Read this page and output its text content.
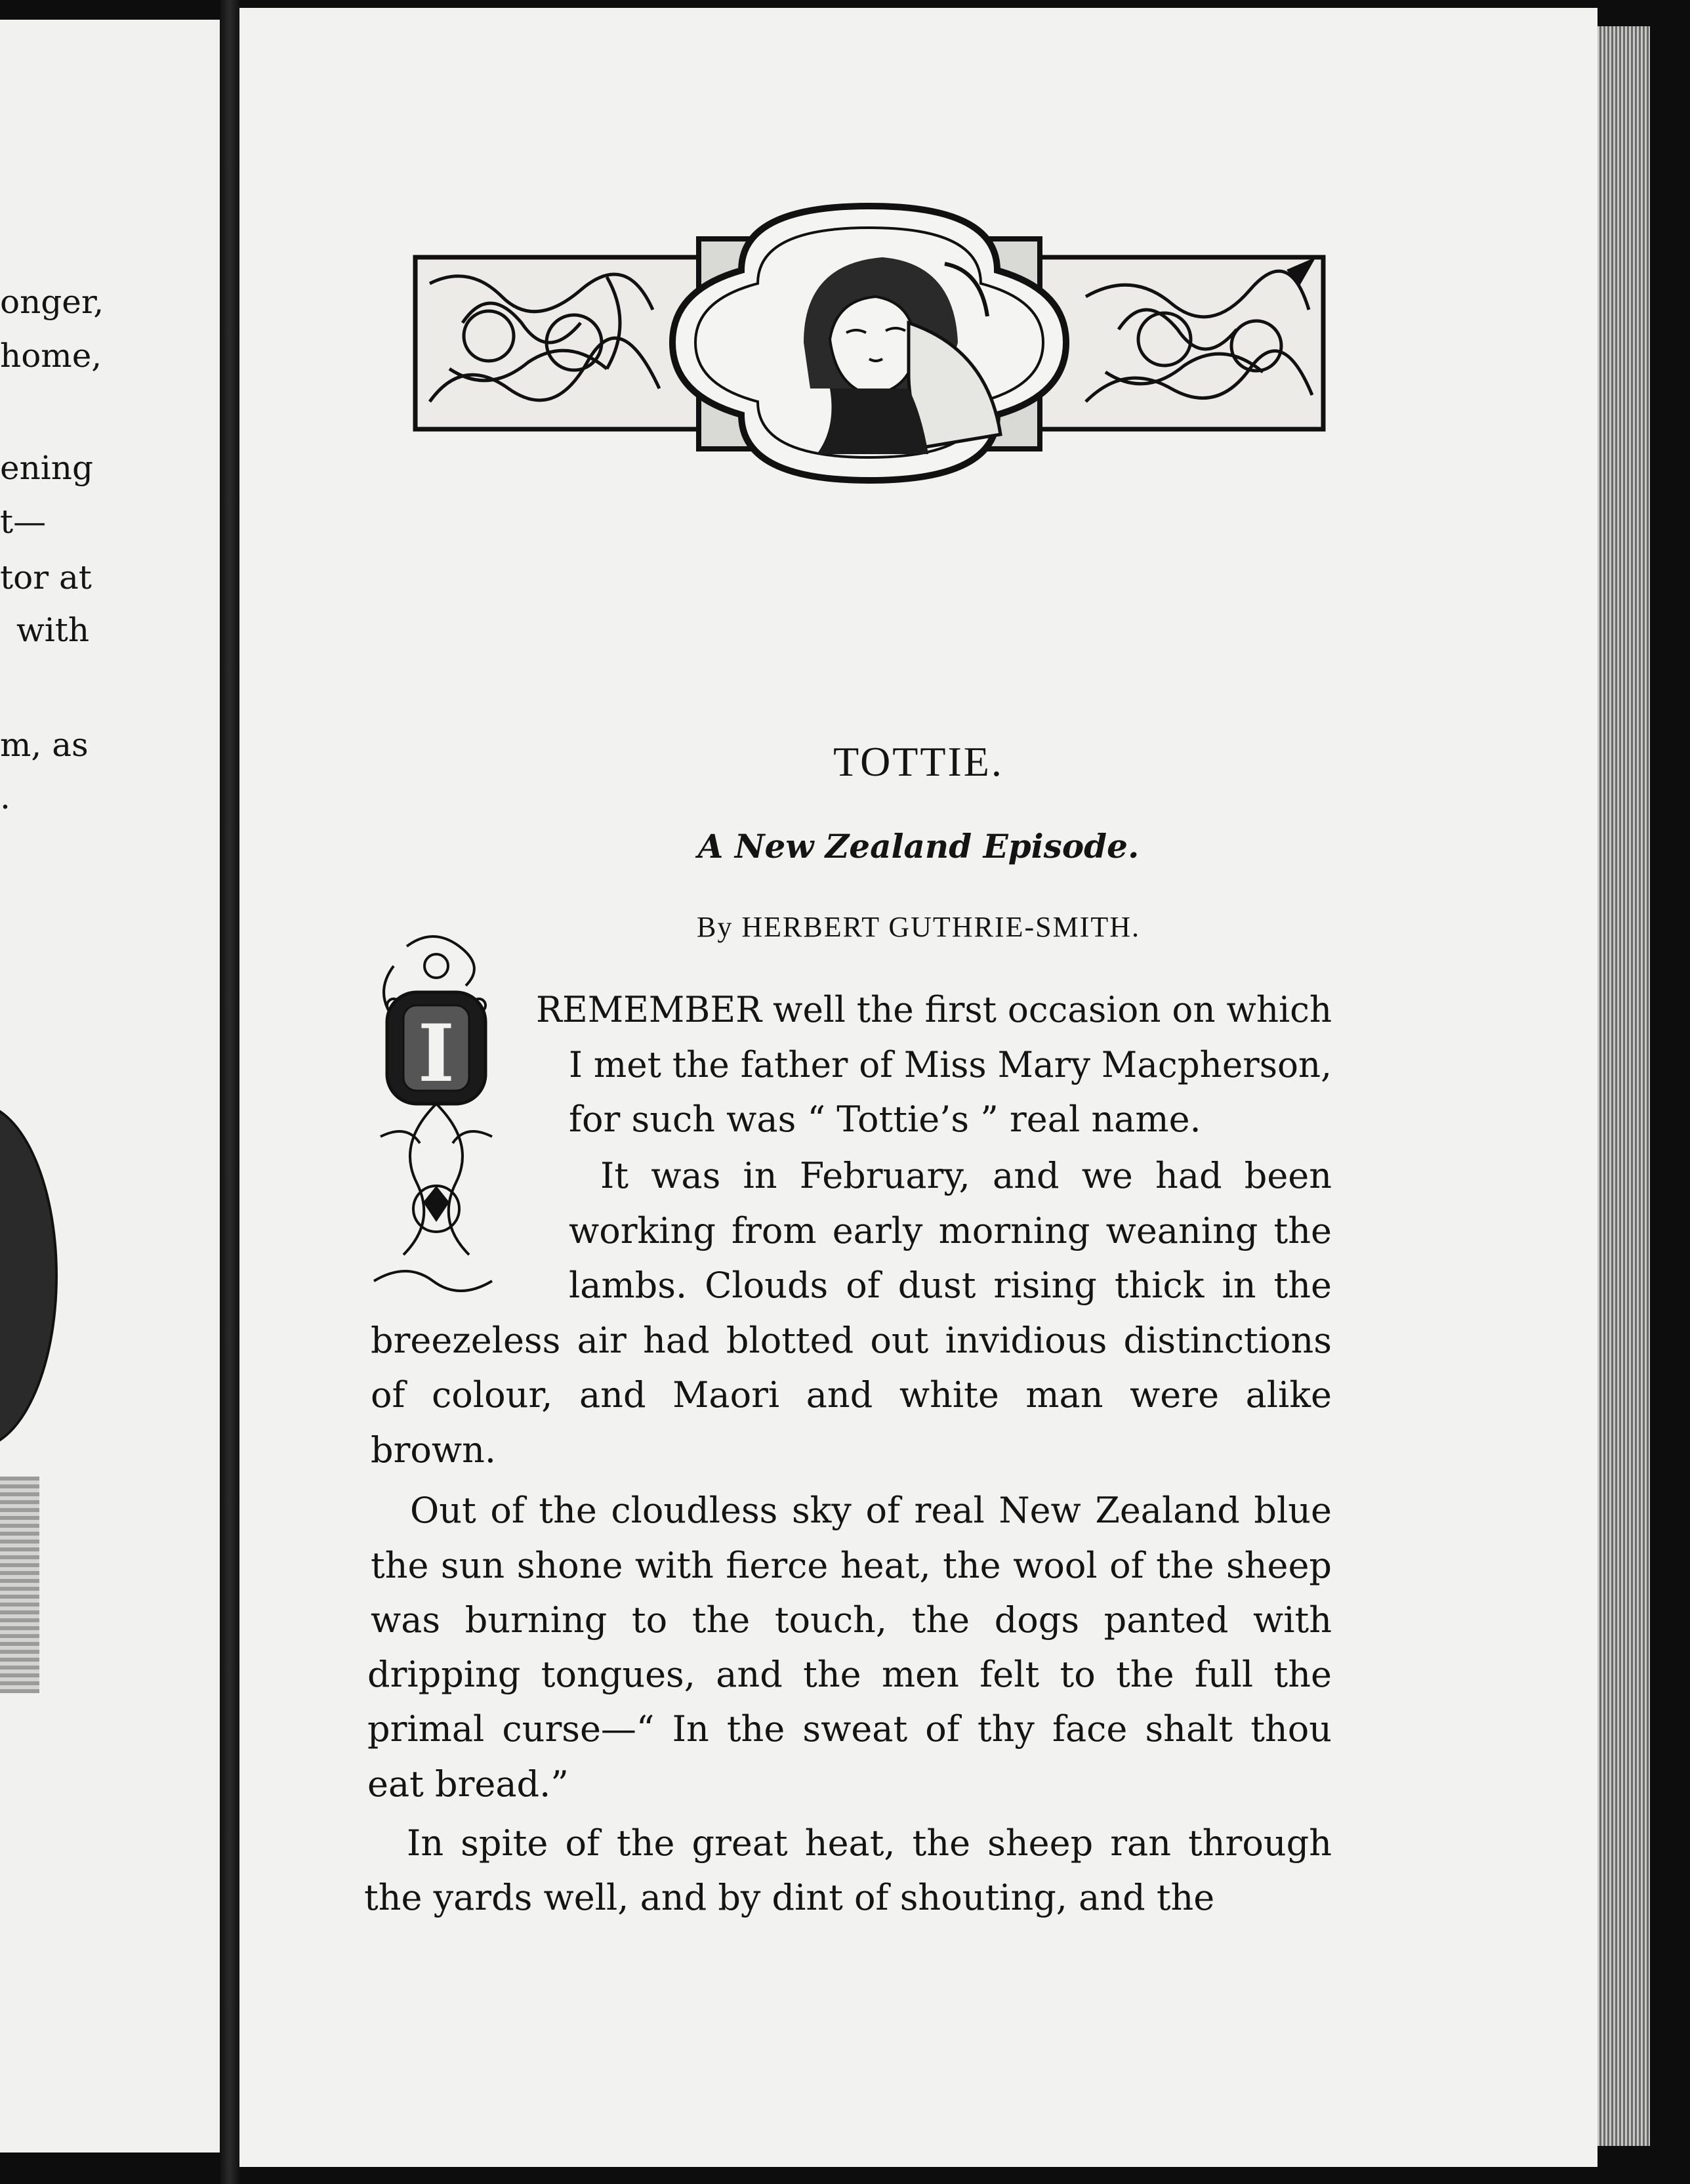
onger,
home,
ening
t—
tor at
with
m, as
.
TOTTIE.
A New Zealand Episode.
By HERBERT GUTHRIE-SMITH.
I REMEMBER well the first occasion on which
I met the father of Miss Mary Macpherson,
for such was “ Tottie’s ” real name.
It was in February, and we had been
working from early morning weaning the
lambs. Clouds of dust rising thick in the
breezeless air had blotted out invidious distinctions
of colour, and Maori and white man were alike
brown.
Out of the cloudless sky of real New Zealand blue
the sun shone with fierce heat, the wool of the sheep
was burning to the touch, the dogs panted with
dripping tongues, and the men felt to the full the
primal curse—“ In the sweat of thy face shalt thou
eat bread.”
In spite of the great heat, the sheep ran through
the yards well, and by dint of shouting, and the
